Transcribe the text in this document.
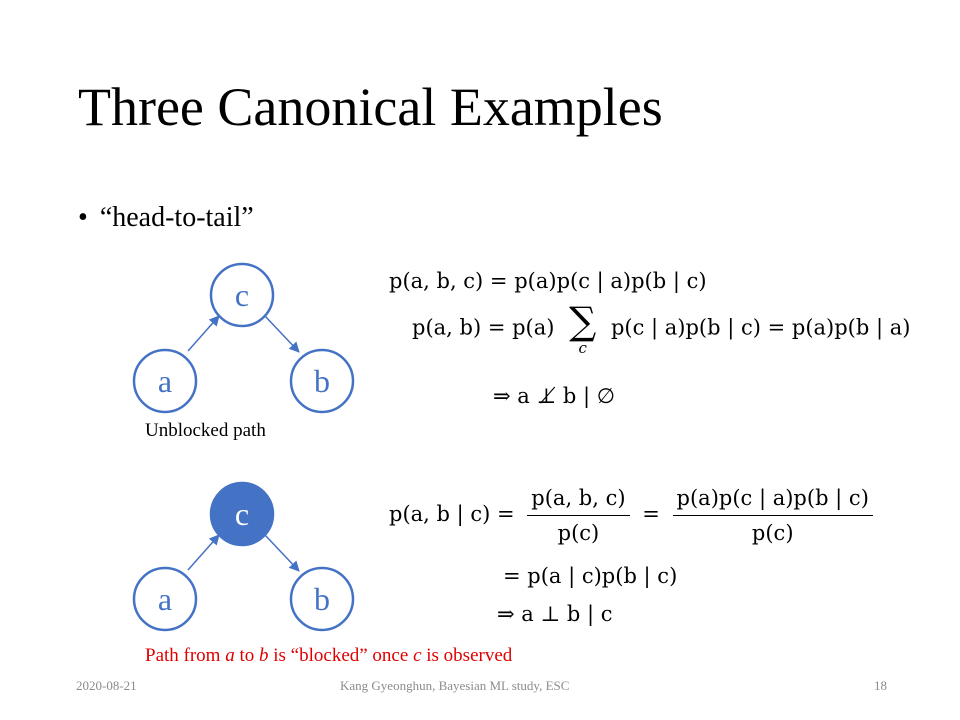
Three Canonical Examples
• “head-to-tail”
c
a	b
c
a	b
Unblocked path
p(a, b, c) = p(a)p(c | a)p(b | c)
p(a, b) = p(a) ∑
c
p(c | a)p(b | c) = p(a)p(b | a)
⇒ a ⊥̸ b | ∅
p(a, b | $c) = \frac{p(a, b, c)}{p(c)} = \frac{p(a)p(c | a)p(b | c)}{p(c)}$
= p(a | c)p(b | c)
⇒ a ⊥ b | c
Path from a to b is “blocked” once c is observed
2020-08-21	Kang Gyeonghun, Bayesian ML study, ESC	18
